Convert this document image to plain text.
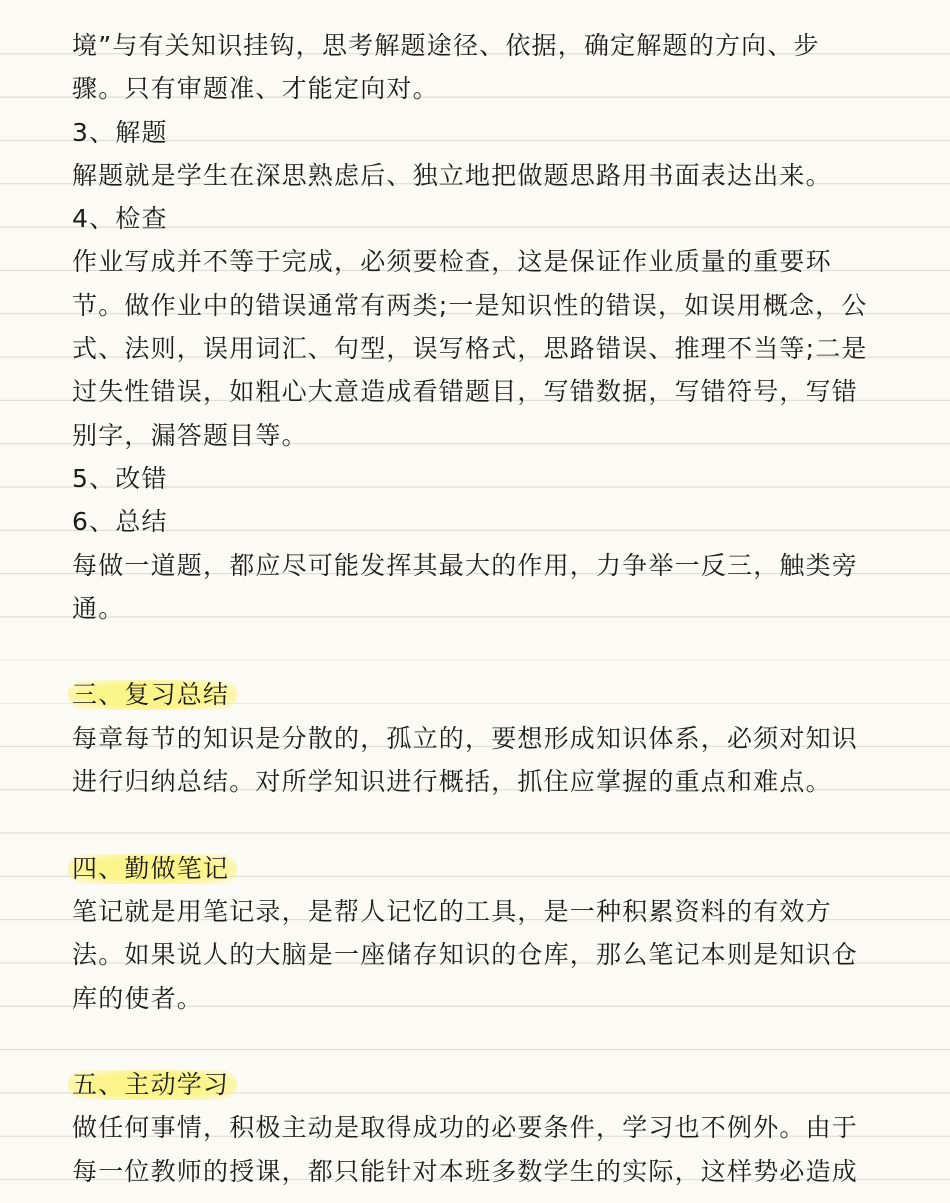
境”与有关知识挂钩，思考解题途径、依据，确定解题的方向、步
骤。只有审题准、才能定向对。
3、解题
解题就是学生在深思熟虑后、独立地把做题思路用书面表达出来。
4、检查
作业写成并不等于完成，必须要检查，这是保证作业质量的重要环
节。做作业中的错误通常有两类;一是知识性的错误，如误用概念，公
式、法则，误用词汇、句型，误写格式，思路错误、推理不当等;二是
过失性错误，如粗心大意造成看错题目，写错数据，写错符号，写错
别字，漏答题目等。
5、改错
6、总结
每做一道题，都应尽可能发挥其最大的作用，力争举一反三，触类旁
通。
三、复习总结
每章每节的知识是分散的，孤立的，要想形成知识体系，必须对知识
进行归纳总结。对所学知识进行概括，抓住应掌握的重点和难点。
四、勤做笔记
笔记就是用笔记录，是帮人记忆的工具，是一种积累资料的有效方
法。如果说人的大脑是一座储存知识的仓库，那么笔记本则是知识仓
库的使者。
五、主动学习
做任何事情，积极主动是取得成功的必要条件，学习也不例外。由于
每一位教师的授课，都只能针对本班多数学生的实际，这样势必造成
